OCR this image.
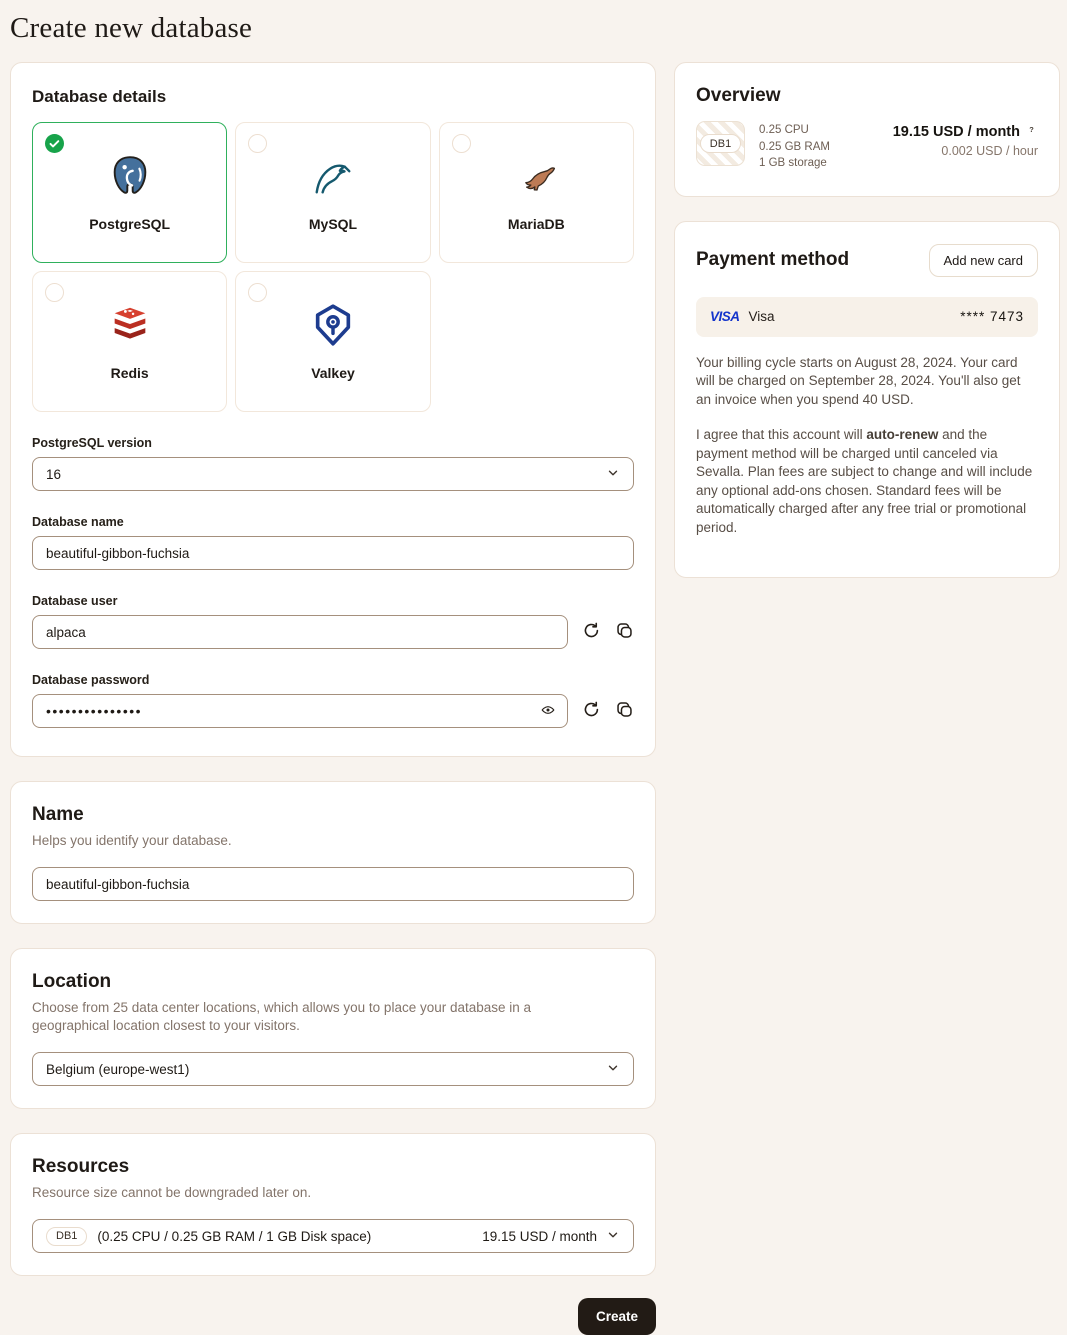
Create new database
Database details
PostgreSQL	MySQL	MariaDB
Redis	Valkey
PostgreSQL version
16
Database name
beautiful-gibbon-fuchsia
Database user
alpaca
Database password
•••••••••••••••
Name

Helps you identify your database.

beautiful-gibbon-fuchsia
Location

Choose from 25 data center locations, which allows you to place your database in a geographical location closest to your visitors.

Belgium (europe-west1)
Resources

Resource size cannot be downgraded later on.

DB1	(0.25 CPU / 0.25 GB RAM / 1 GB Disk space)	19.15 USD / month
Create
Overview
DB1
0.25 CPU
0.25 GB RAM
1 GB storage
19.15 USD / month ?
0.002 USD / hour
Payment method	Add new card
VISA Visa	**** 7473

Your billing cycle starts on August 28, 2024. Your card will be charged on September 28, 2024. You'll also get an invoice when you spend 40 USD.

I agree that this account will auto-renew and the payment method will be charged until canceled via Sevalla. Plan fees are subject to change and will include any optional add-ons chosen. Standard fees will be automatically charged after any free trial or promotional period.
